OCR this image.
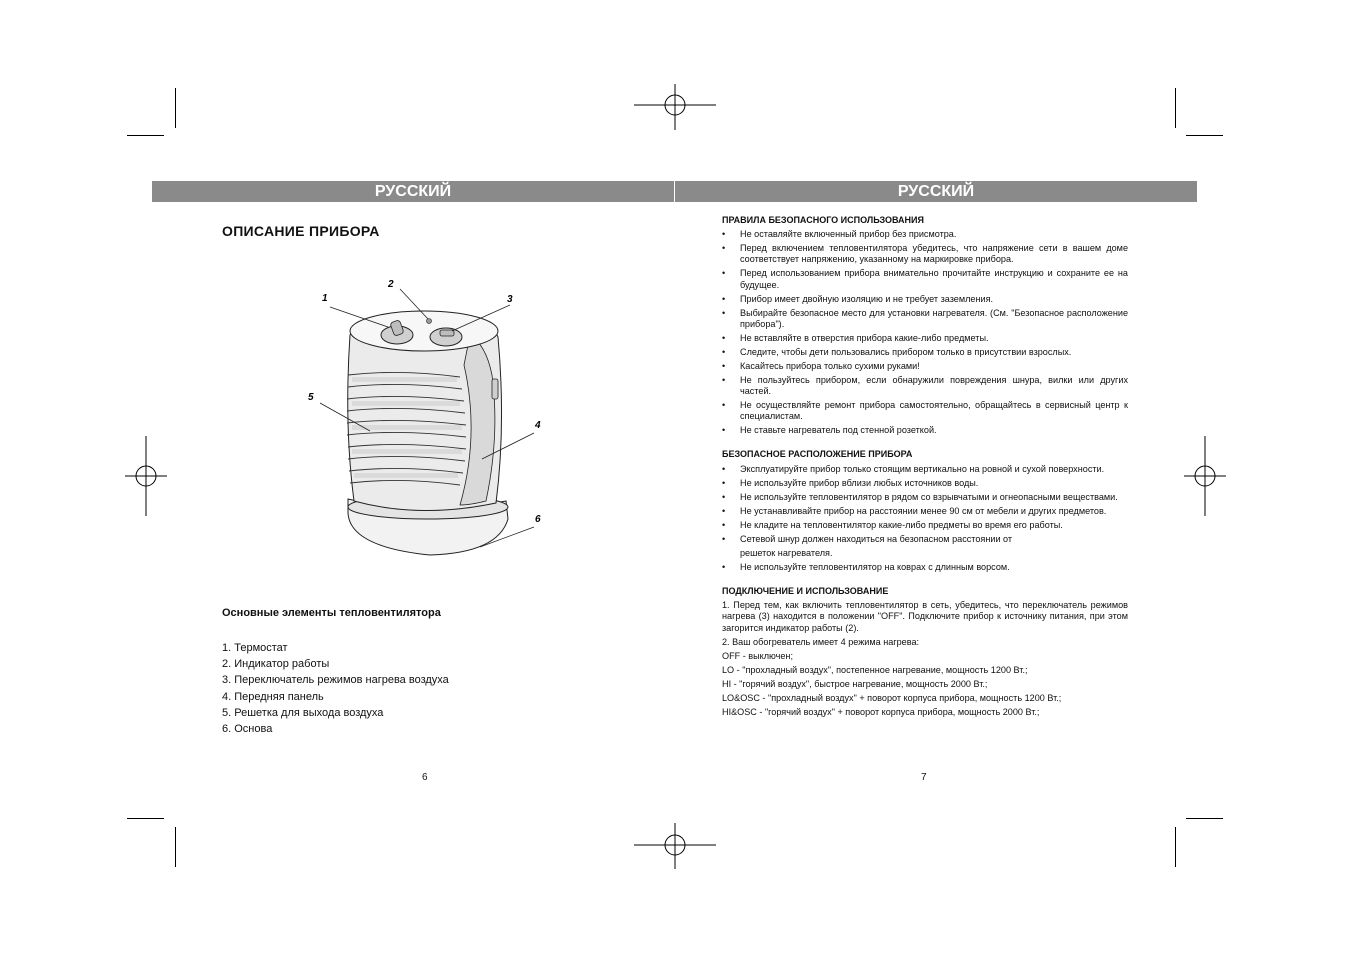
РУССКИЙ	РУССКИЙ
ОПИСАНИЕ ПРИБОРА
1
2
3
4
5
6
Основные элементы тепловентилятора
1. Термостат
2. Индикатор работы
3. Переключатель режимов нагрева воздуха
4. Передняя панель
5. Решетка для выхода воздуха
6. Основа
6
ПРАВИЛА БЕЗОПАСНОГО ИСПОЛЬЗОВАНИЯ
• Не оставляйте включенный прибор без присмотра.
• Перед включением тепловентилятора убедитесь, что напряжение сети в вашем доме соответствует напряжению, указанному на маркировке прибора.
• Перед использованием прибора внимательно прочитайте инструкцию и сохраните ее на будущее.
• Прибор имеет двойную изоляцию и не требует заземления.
• Выбирайте безопасное место для установки нагревателя. (См. "Безопасное расположение прибора").
• Не вставляйте в отверстия прибора какие-либо предметы.
• Следите, чтобы дети пользовались прибором только в присутствии взрослых.
• Касайтесь прибора только сухими руками!
• Не пользуйтесь прибором, если обнаружили повреждения шнура, вилки или других частей.
• Не осуществляйте ремонт прибора самостоятельно, обращайтесь в сервисный центр к специалистам.
• Не ставьте нагреватель под стенной розеткой.
БЕЗОПАСНОЕ РАСПОЛОЖЕНИЕ ПРИБОРА
• Эксплуатируйте прибор только стоящим вертикально на ровной и сухой поверхности.
• Не используйте прибор вблизи любых источников воды.
• Не используйте тепловентилятор в рядом со взрывчатыми и огнеопасными веществами.
• Не устанавливайте прибор на расстоянии менее 90 см от мебели и других предметов.
• Не кладите на тепловентилятор какие-либо предметы во время его работы.
• Сетевой шнур должен находиться на безопасном расстоянии от
решеток нагревателя.
• Не используйте тепловентилятор на коврах с длинным ворсом.
ПОДКЛЮЧЕНИЕ И ИСПОЛЬЗОВАНИЕ

1. Перед тем, как включить тепловентилятор в сеть, убедитесь, что переключатель режимов нагрева (3) находится в положении "OFF". Подключите прибор к источнику питания, при этом загорится индикатор работы (2).

2. Ваш обогреватель имеет 4 режима нагрева:

OFF - выключен;

LO - "прохладный воздух", постепенное нагревание, мощность 1200 Вт.;

HI - "горячий воздух", быстрое нагревание, мощность 2000 Вт.;

LO&OSC - "прохладный воздух" + поворот корпуса прибора, мощность 1200 Вт.;

HI&OSC - "горячий воздух" + поворот корпуса прибора, мощность 2000 Вт.;

7
